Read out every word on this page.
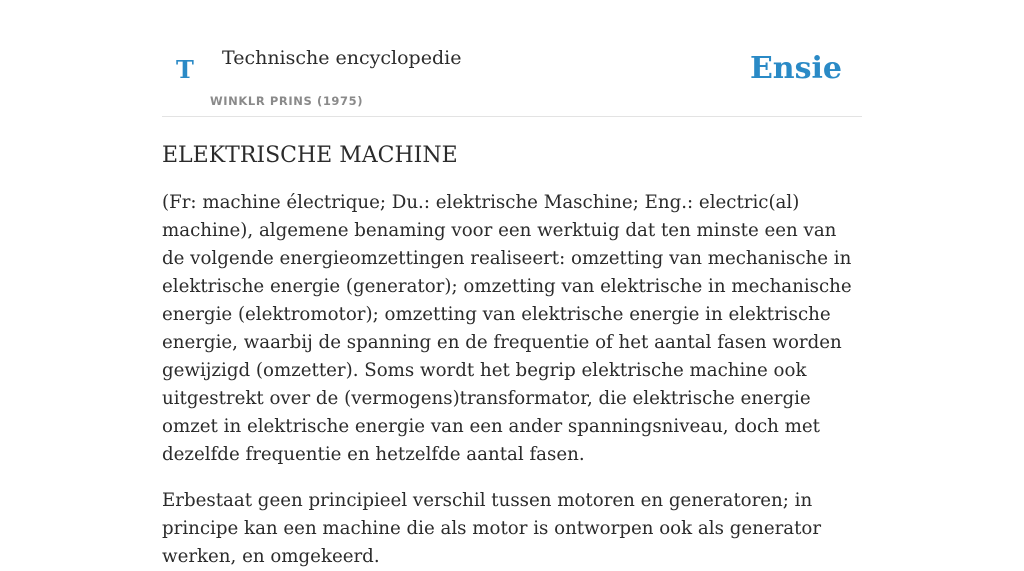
T Technische encyclopedie
WINKLR PRINS (1975)
Ensie
ELEKTRISCHE MACHINE

(Fr: machine électrique; Du.: elektrische Maschine; Eng.: electric(al) machine), algemene benaming voor een werktuig dat ten minste een van de volgende energieomzettingen realiseert: omzetting van mechanische in elektrische energie (generator); omzetting van elektrische in mechanische energie (elektromotor); omzetting van elektrische energie in elektrische energie, waarbij de spanning en de frequentie of het aantal fasen worden gewijzigd (omzetter). Soms wordt het begrip elektrische machine ook uitgestrekt over de (vermogens)transformator, die elektrische energie omzet in elektrische energie van een ander spanningsniveau, doch met dezelfde frequentie en hetzelfde aantal fasen.

Erbestaat geen principieel verschil tussen motoren en generatoren; in principe kan een machine die als motor is ontworpen ook als generator werken, en omgekeerd.
